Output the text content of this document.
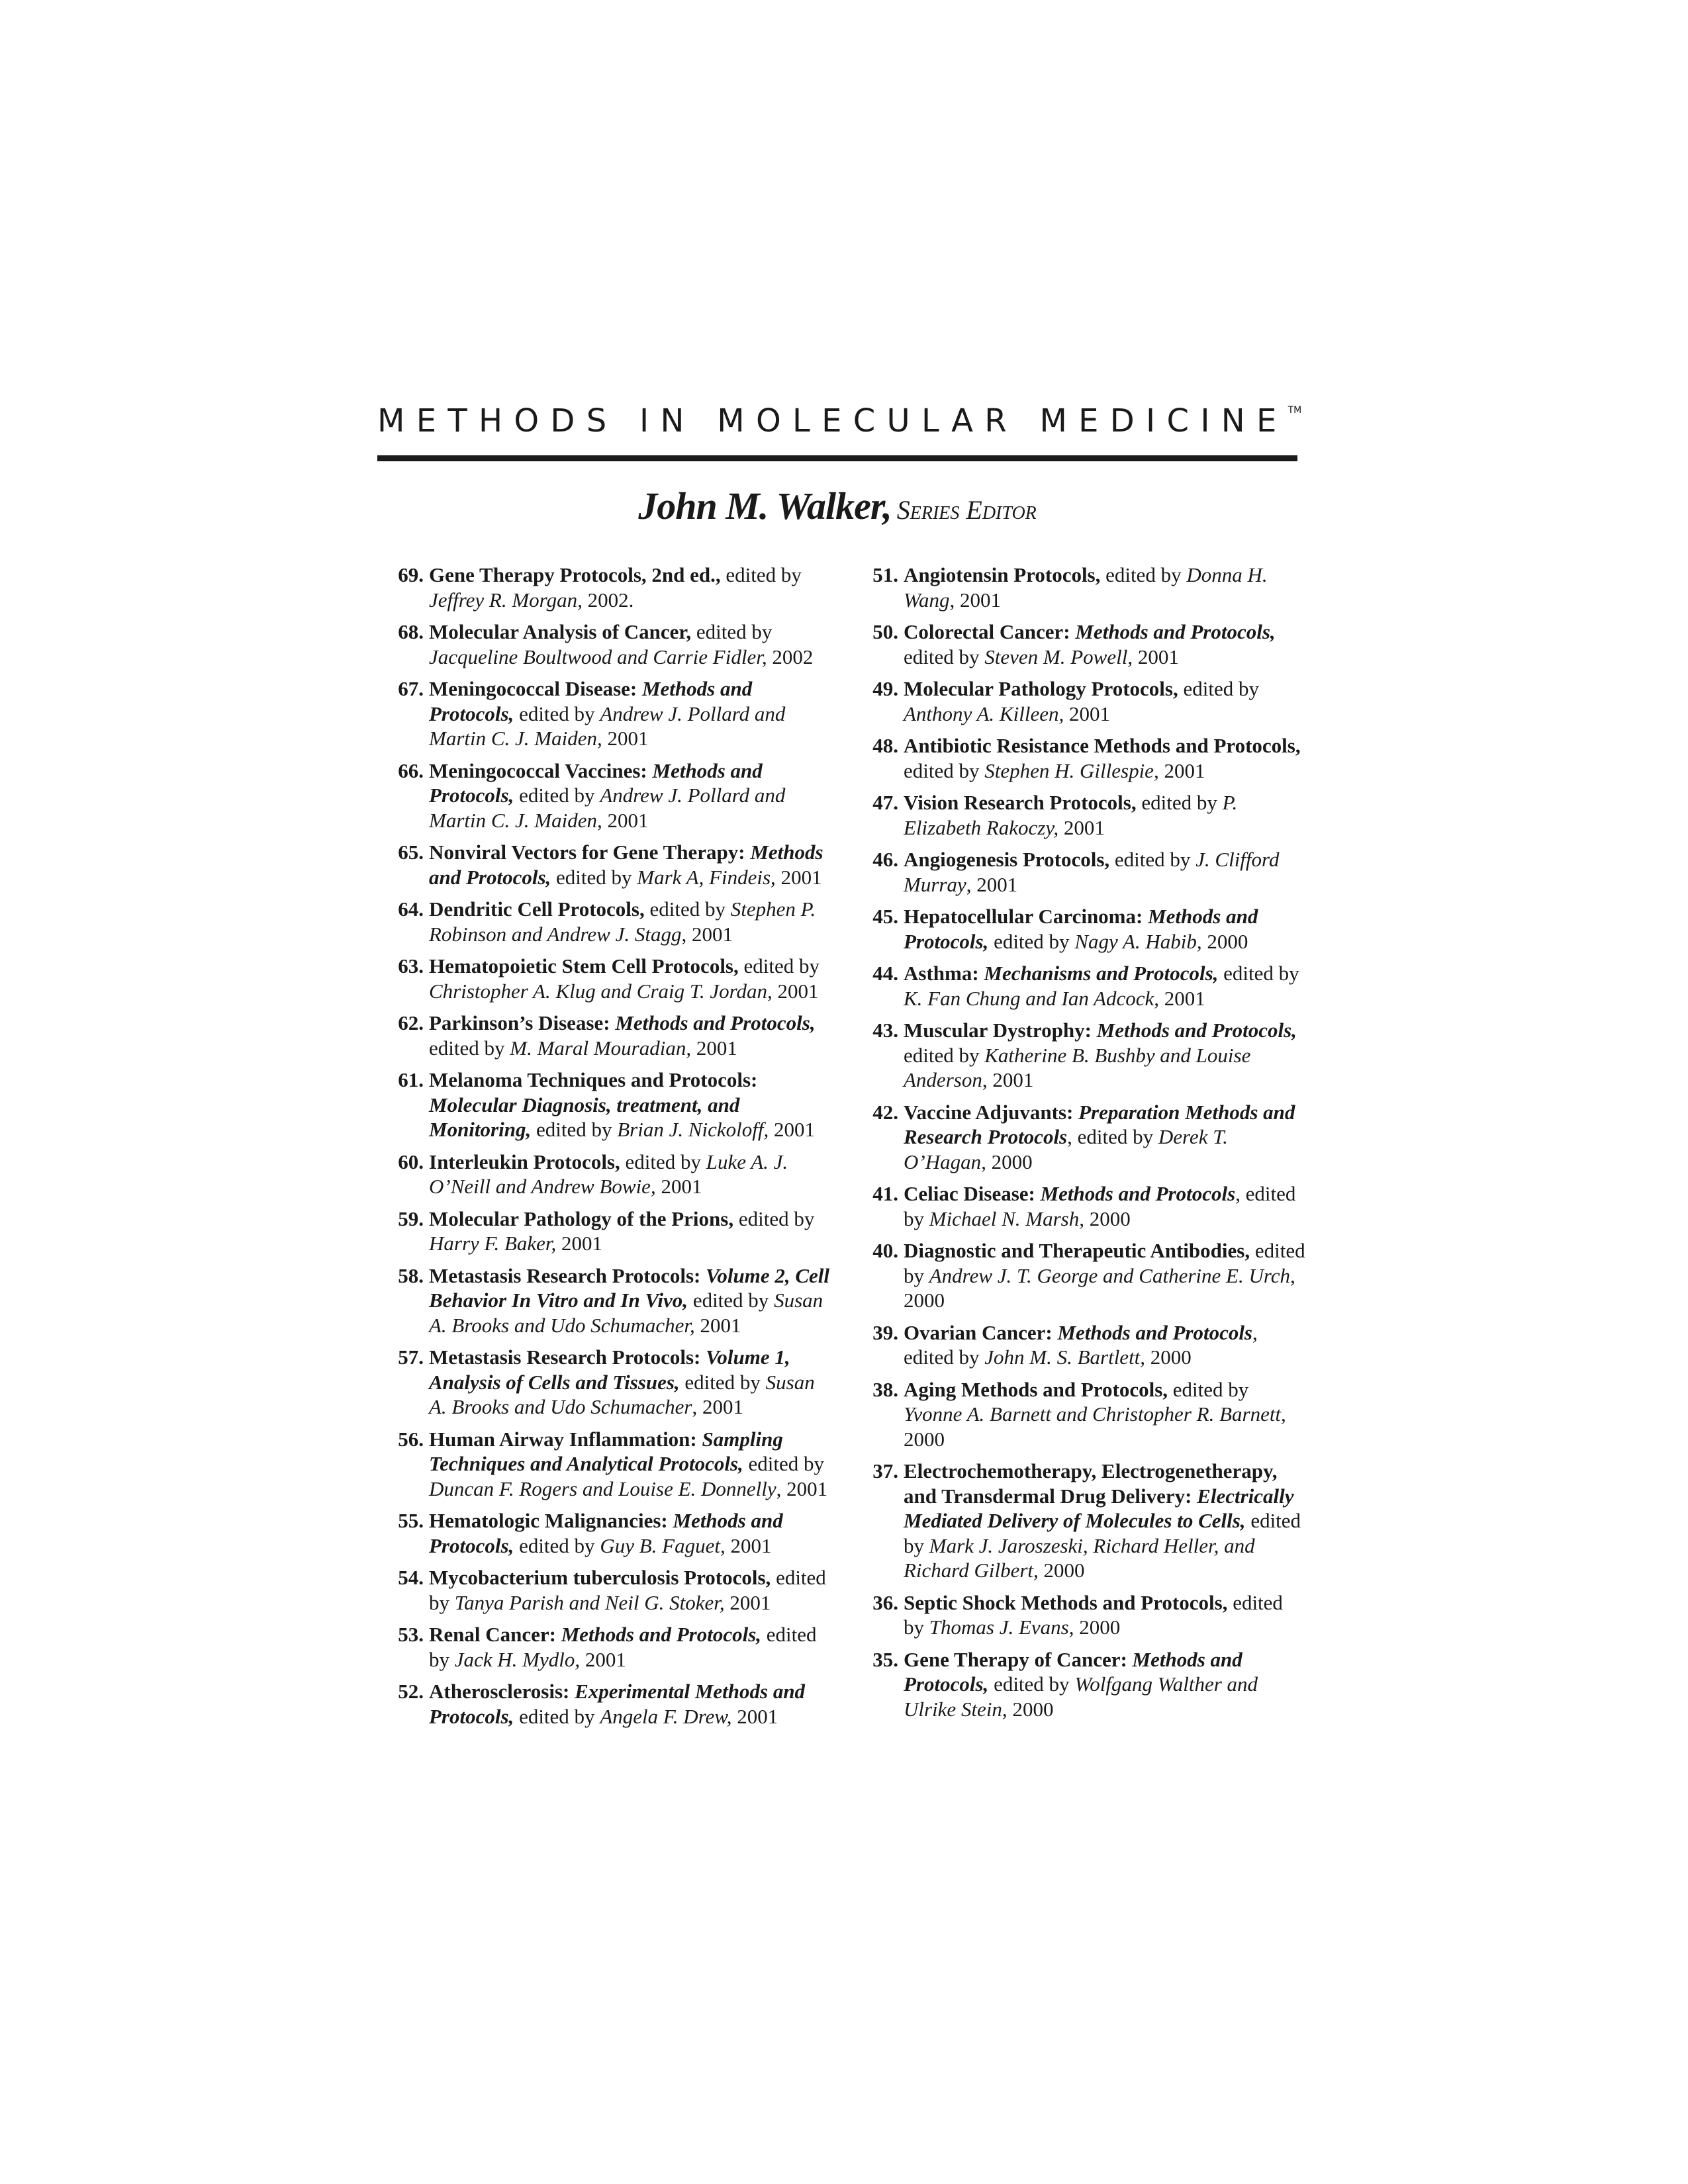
METHODS IN MOLECULAR MEDICINE™
John M. Walker, Series Editor
69. Gene Therapy Protocols, 2nd ed., edited by Jeffrey R. Morgan, 2002.
68. Molecular Analysis of Cancer, edited by Jacqueline Boultwood and Carrie Fidler, 2002
67. Meningococcal Disease: Methods and Protocols, edited by Andrew J. Pollard and Martin C. J. Maiden, 2001
66. Meningococcal Vaccines: Methods and Protocols, edited by Andrew J. Pollard and Martin C. J. Maiden, 2001
65. Nonviral Vectors for Gene Therapy: Methods and Protocols, edited by Mark A, Findeis, 2001
64. Dendritic Cell Protocols, edited by Stephen P. Robinson and Andrew J. Stagg, 2001
63. Hematopoietic Stem Cell Protocols, edited by Christopher A. Klug and Craig T. Jordan, 2001
62. Parkinson’s Disease: Methods and Protocols, edited by M. Maral Mouradian, 2001
61. Melanoma Techniques and Protocols: Molecular Diagnosis, treatment, and Monitoring, edited by Brian J. Nickoloff, 2001
60. Interleukin Protocols, edited by Luke A. J. O’Neill and Andrew Bowie, 2001
59. Molecular Pathology of the Prions, edited by Harry F. Baker, 2001
58. Metastasis Research Protocols: Volume 2, Cell Behavior In Vitro and In Vivo, edited by Susan A. Brooks and Udo Schumacher, 2001
57. Metastasis Research Protocols: Volume 1, Analysis of Cells and Tissues, edited by Susan A. Brooks and Udo Schumacher, 2001
56. Human Airway Inflammation: Sampling Techniques and Analytical Protocols, edited by Duncan F. Rogers and Louise E. Donnelly, 2001
55. Hematologic Malignancies: Methods and Protocols, edited by Guy B. Faguet, 2001
54. Mycobacterium tuberculosis Protocols, edited by Tanya Parish and Neil G. Stoker, 2001
53. Renal Cancer: Methods and Protocols, edited by Jack H. Mydlo, 2001
52. Atherosclerosis: Experimental Methods and Protocols, edited by Angela F. Drew, 2001
51. Angiotensin Protocols, edited by Donna H. Wang, 2001
50. Colorectal Cancer: Methods and Protocols, edited by Steven M. Powell, 2001
49. Molecular Pathology Protocols, edited by Anthony A. Killeen, 2001
48. Antibiotic Resistance Methods and Protocols, edited by Stephen H. Gillespie, 2001
47. Vision Research Protocols, edited by P. Elizabeth Rakoczy, 2001
46. Angiogenesis Protocols, edited by J. Clifford Murray, 2001
45. Hepatocellular Carcinoma: Methods and Protocols, edited by Nagy A. Habib, 2000
44. Asthma: Mechanisms and Protocols, edited by K. Fan Chung and Ian Adcock, 2001
43. Muscular Dystrophy: Methods and Protocols, edited by Katherine B. Bushby and Louise Anderson, 2001
42. Vaccine Adjuvants: Preparation Methods and Research Protocols, edited by Derek T. O’Hagan, 2000
41. Celiac Disease: Methods and Protocols, edited by Michael N. Marsh, 2000
40. Diagnostic and Therapeutic Antibodies, edited by Andrew J. T. George and Catherine E. Urch, 2000
39. Ovarian Cancer: Methods and Protocols, edited by John M. S. Bartlett, 2000
38. Aging Methods and Protocols, edited by Yvonne A. Barnett and Christopher R. Barnett, 2000
37. Electrochemotherapy, Electrogenetherapy, and Transdermal Drug Delivery: Electrically Mediated Delivery of Molecules to Cells, edited by Mark J. Jaroszeski, Richard Heller, and Richard Gilbert, 2000
36. Septic Shock Methods and Protocols, edited by Thomas J. Evans, 2000
35. Gene Therapy of Cancer: Methods and Protocols, edited by Wolfgang Walther and Ulrike Stein, 2000
